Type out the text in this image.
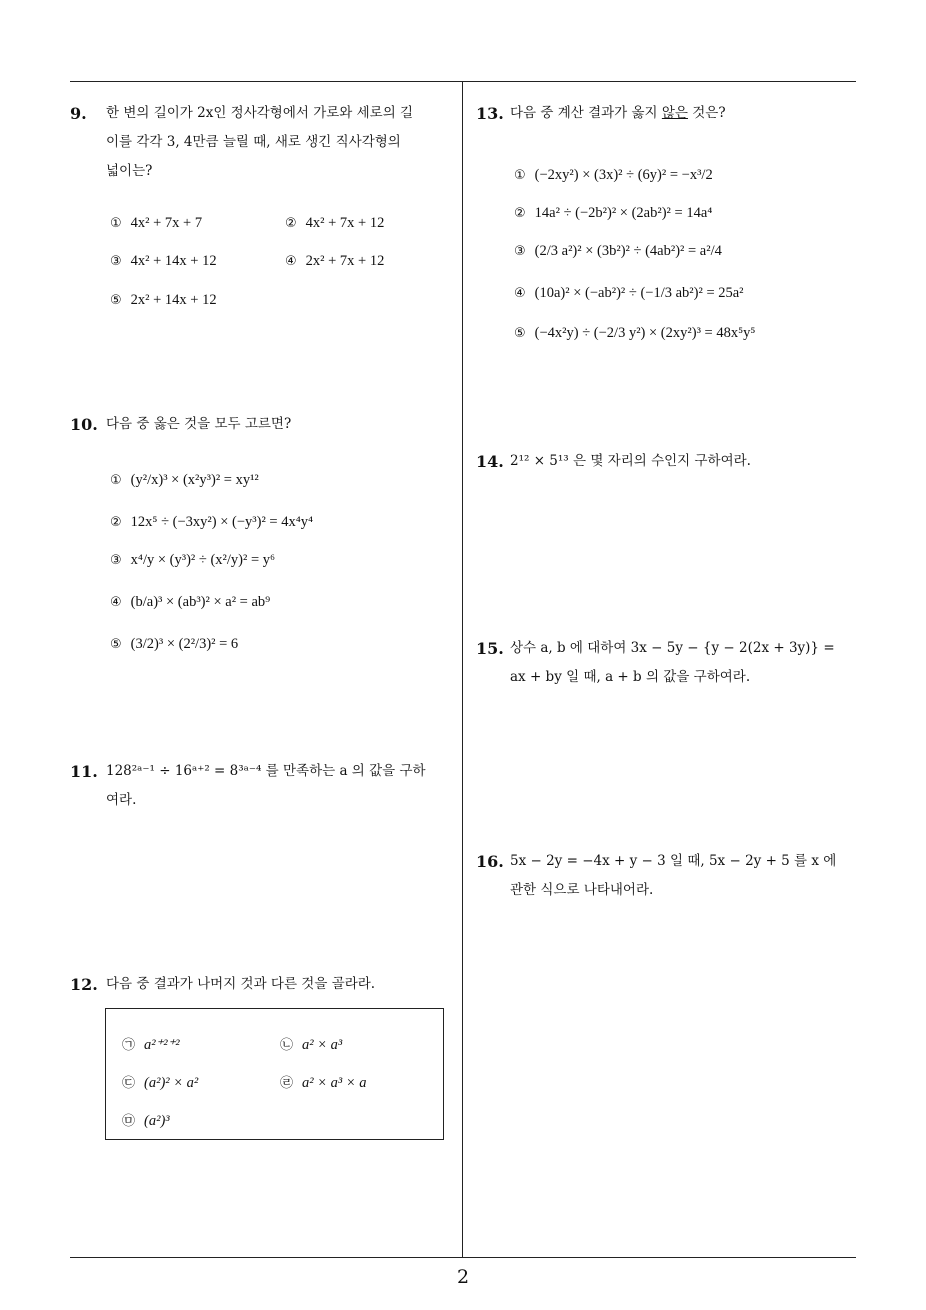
9. 한 변의 길이가 2x인 정사각형에서 가로와 세로의 길
이를 각각 3, 4만큼 늘릴 때, 새로 생긴 직사각형의
넓이는?
① 4x² + 7x + 7	② 4x² + 7x + 12
③ 4x² + 14x + 12	④ 2x² + 7x + 12
⑤ 2x² + 14x + 12
10. 다음 중 옳은 것을 모두 고르면?
① (y²/x)³ × (x²y³)² = xy¹²
② 12x⁵ ÷ (−3xy²) × (−y³)² = 4x⁴y⁴
③ x⁴/y × (y³)² ÷ (x²/y)² = y⁶
④ (b/a)³ × (ab³)² × a² = ab⁹
⑤ (3/2)³ × (2²/3)² = 6
11. 128²ᵃ⁻¹ ÷ 16ᵃ⁺² = 8³ᵃ⁻⁴ 를 만족하는 a 의 값을 구하
여라.
12. 다음 중 결과가 나머지 것과 다른 것을 골라라.
㉠ a²⁺²⁺²	㉡ a² × a³
㉢ (a²)² × a²	㉣ a² × a³ × a
㉤ (a²)³
13. 다음 중 계산 결과가 옳지 않은 것은?
① (−2xy²) × (3x)² ÷ (6y)² = −x³/2
② 14a² ÷ (−2b²)² × (2ab²)² = 14a⁴
③ (2/3 a²)² × (3b²)² ÷ (4ab²)² = a²/4
④ (10a)² × (−ab²)² ÷ (−1/3 ab²)² = 25a²
⑤ (−4x²y) ÷ (−2/3 y²) × (2xy²)³ = 48x⁵y⁵
14. 2¹² × 5¹³ 은 몇 자리의 수인지 구하여라.
15. 상수 a, b 에 대하여 3x − 5y − {y − 2(2x + 3y)} =
ax + by 일 때, a + b 의 값을 구하여라.
16. 5x − 2y = −4x + y − 3 일 때, 5x − 2y + 5 를 x 에
관한 식으로 나타내어라.
2
